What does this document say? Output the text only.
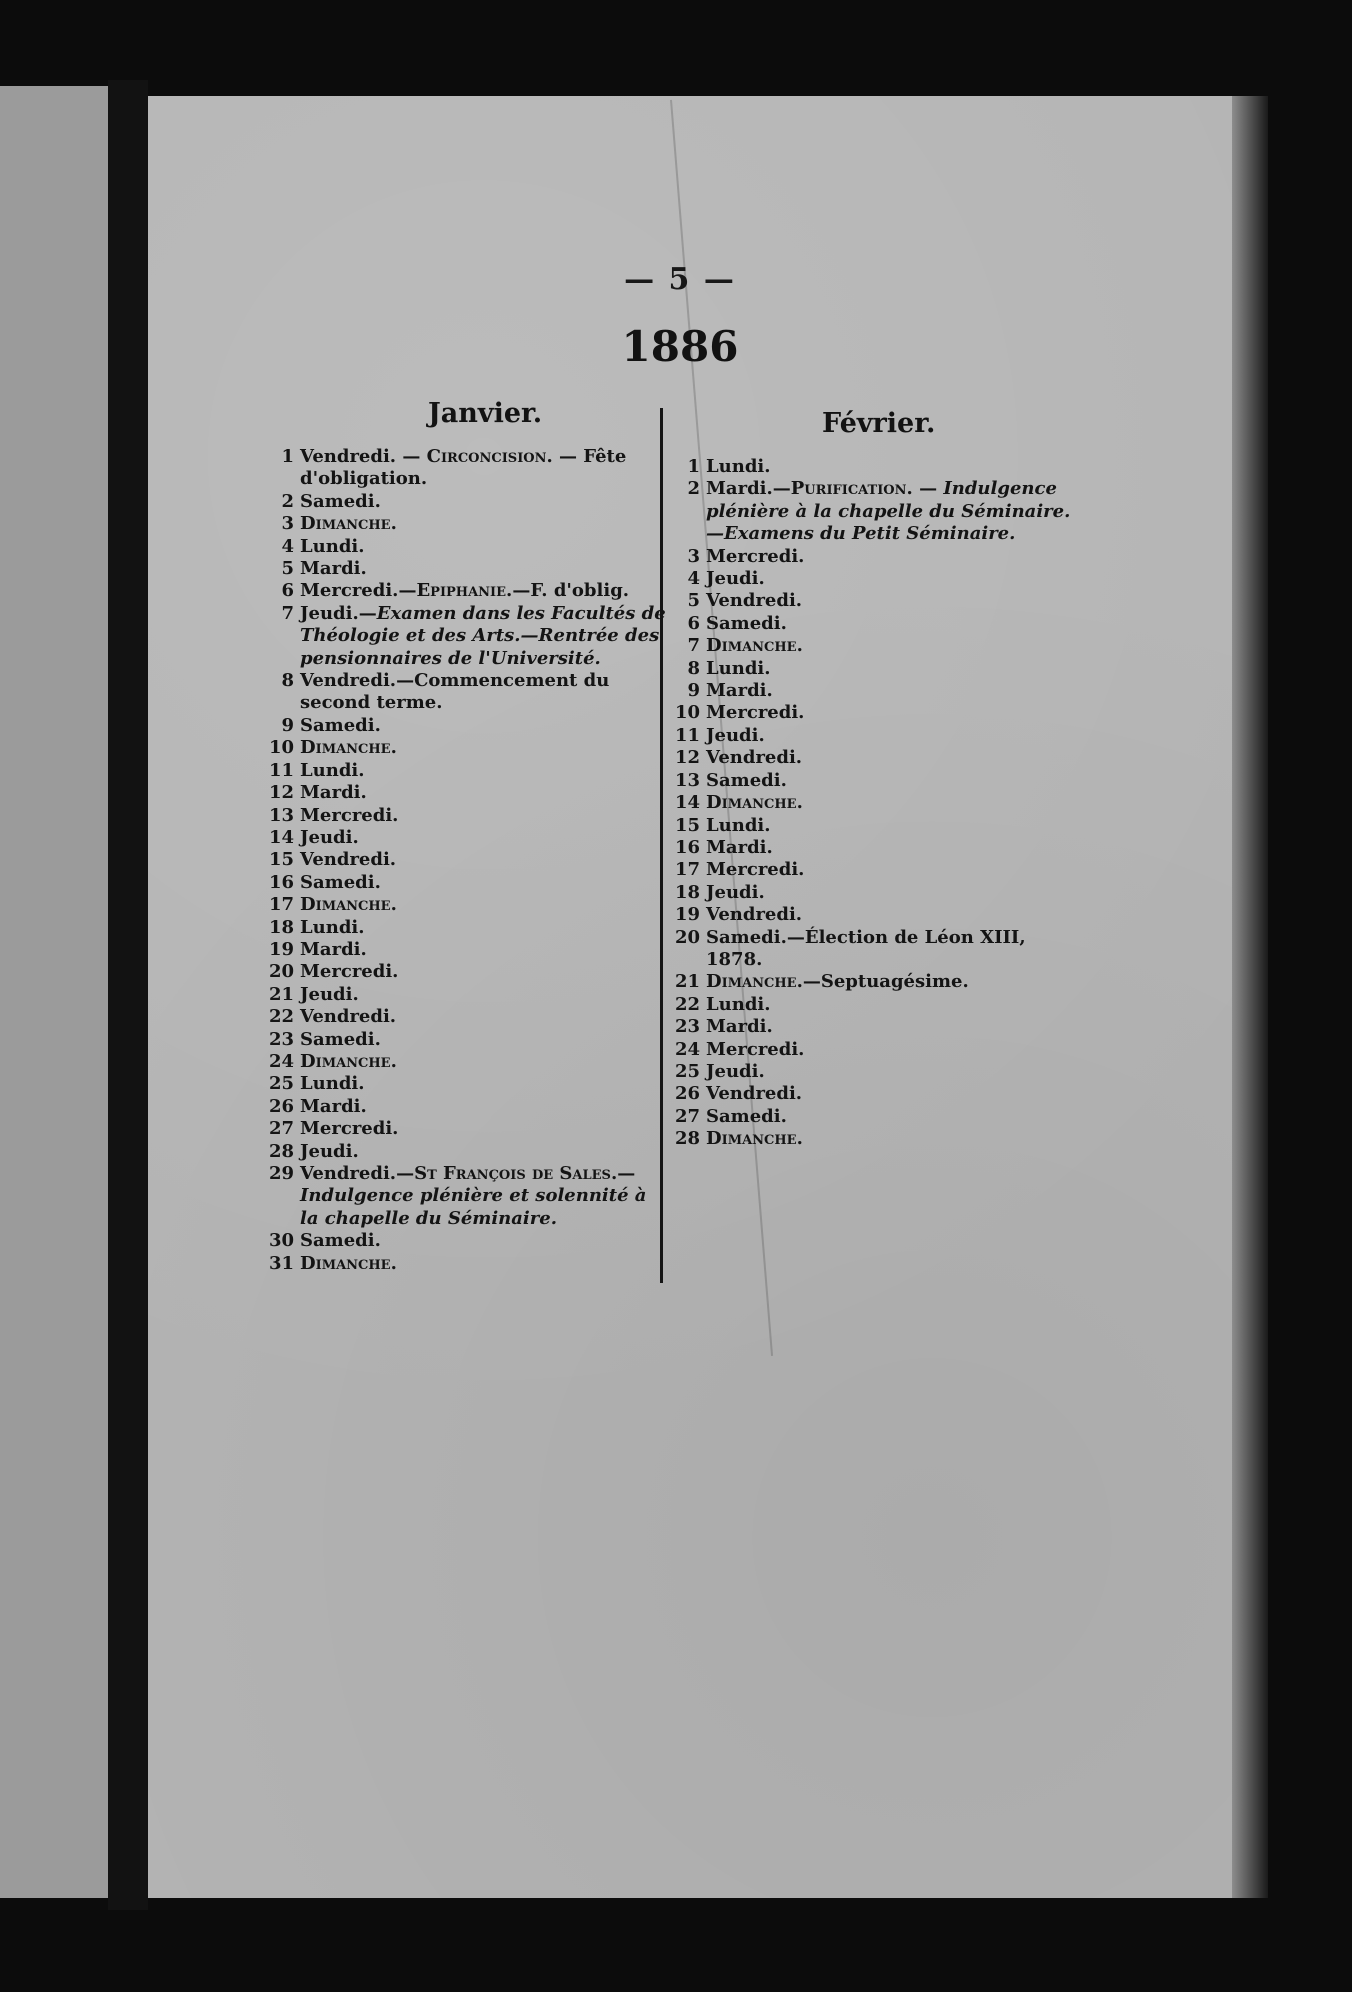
— 5 —
1886
Janvier.	Février.
1 Vendredi. — Circoncision. — Fête d'obligation.
2 Samedi.
3 Dimanche.
4 Lundi.
5 Mardi.
6 Mercredi.—Epiphanie.—F. d'oblig.
7 Jeudi.—Examen dans les Facultés de Théologie et des Arts.—Rentrée des pensionnaires de l'Université.
8 Vendredi.—Commencement du second terme.
9 Samedi.
10 Dimanche.
11 Lundi.
12 Mardi.
13 Mercredi.
14 Jeudi.
15 Vendredi.
16 Samedi.
17 Dimanche.
18 Lundi.
19 Mardi.
20 Mercredi.
21 Jeudi.
22 Vendredi.
23 Samedi.
24 Dimanche.
25 Lundi.
26 Mardi.
27 Mercredi.
28 Jeudi.
29 Vendredi.—St François de Sales.— Indulgence plénière et solennité à la chapelle du Séminaire.
30 Samedi.
31 Dimanche.
1 Lundi.
2 Mardi.—Purification. — Indulgence plénière à la chapelle du Séminaire.—Examens du Petit Séminaire.
3 Mercredi.
4 Jeudi.
5 Vendredi.
6 Samedi.
7 Dimanche.
8 Lundi.
9 Mardi.
10 Mercredi.
11 Jeudi.
12 Vendredi.
13 Samedi.
14 Dimanche.
15 Lundi.
16 Mardi.
17 Mercredi.
18 Jeudi.
19 Vendredi.
20 Samedi.—Élection de Léon XIII, 1878.
21 Dimanche.—Septuagésime.
22 Lundi.
23 Mardi.
24 Mercredi.
25 Jeudi.
26 Vendredi.
27 Samedi.
28 Dimanche.
